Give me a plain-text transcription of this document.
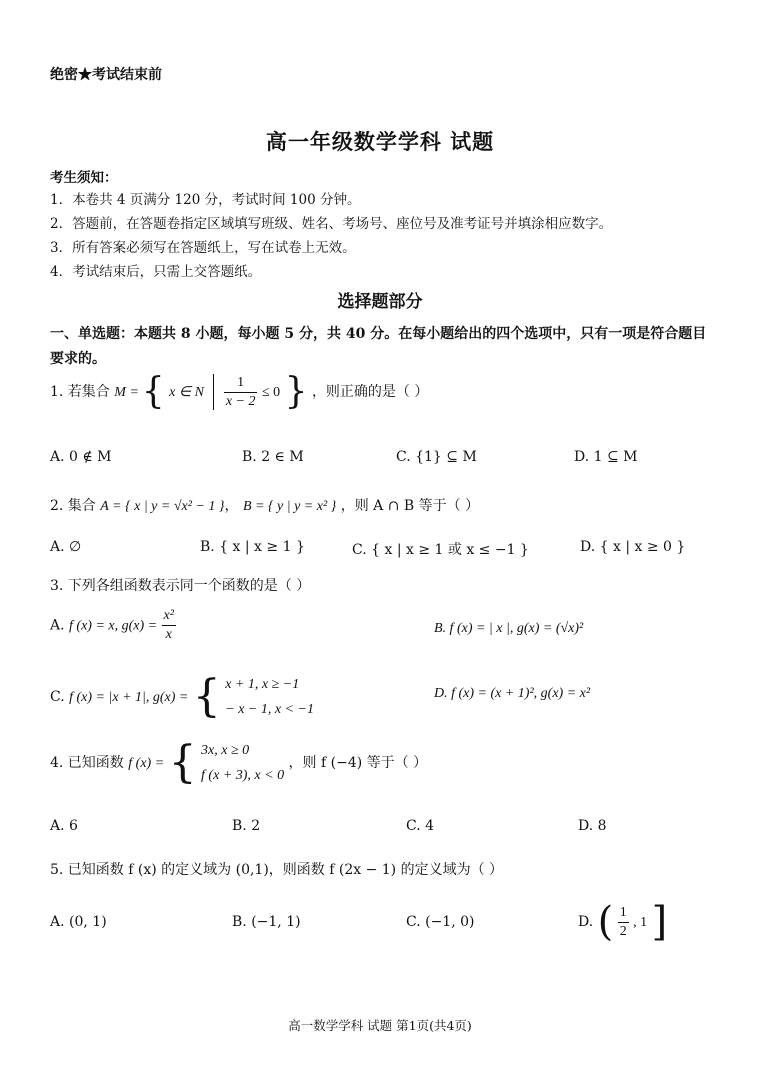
绝密★考试结束前
高一年级数学学科 试题
考生须知：
1．本卷共 4 页满分 120 分，考试时间 100 分钟。
2．答题前，在答题卷指定区域填写班级、姓名、考场号、座位号及准考证号并填涂相应数字。
3．所有答案必须写在答题纸上，写在试卷上无效。
4．考试结束后，只需上交答题纸。
选择题部分
一、单选题：本题共 8 小题，每小题 5 分，共 40 分。在每小题给出的四个选项中，只有一项是符合题目要求的。
1. 若集合 M = { x ∈ N $\frac{1}{x - 2} \le 0$ } ，则正确的是（ ）
A. 0 ∉ M	B. 2 ∈ M	C. {1} ⊆ M	D. 1 ⊆ M
2. 集合 A = { x | y = √x² − 1 }， B = { y | y = x² } ，则 A ∩ B 等于（ ）
A. ∅	B. { x | x ≥ 1 }	C. { x | x ≥ 1 或 x ≤ −1 }	D. { x | x ≥ 0 }
3. 下列各组函数表示同一个函数的是（ ）
A. f (x) = x, $g(x) = \frac{\text{x²}}{x}$	B. f (x) = | x |, g(x) = (√x)²
C. f (x) = |x + 1|, g(x) = { x + 1, x ≥ −1
− x − 1, x < −1
D. f (x) = (x + 1)², g(x) = x²
4. 已知函数 f (x) = { 3x, x ≥ 0
f (x + 3), x < 0
，则 f (−4) 等于（ ）
A. 6	B. 2	C. 4	D. 8
5. 已知函数 f (x) 的定义域为 (0,1)，则函数 f (2x − 1) 的定义域为（ ）
A. (0, 1)	B. (−1, 1)	C. (−1, 0)	D. ( $\frac{1}{2}$ , 1 ]
高一数学学科 试题 第1页(共4页)
